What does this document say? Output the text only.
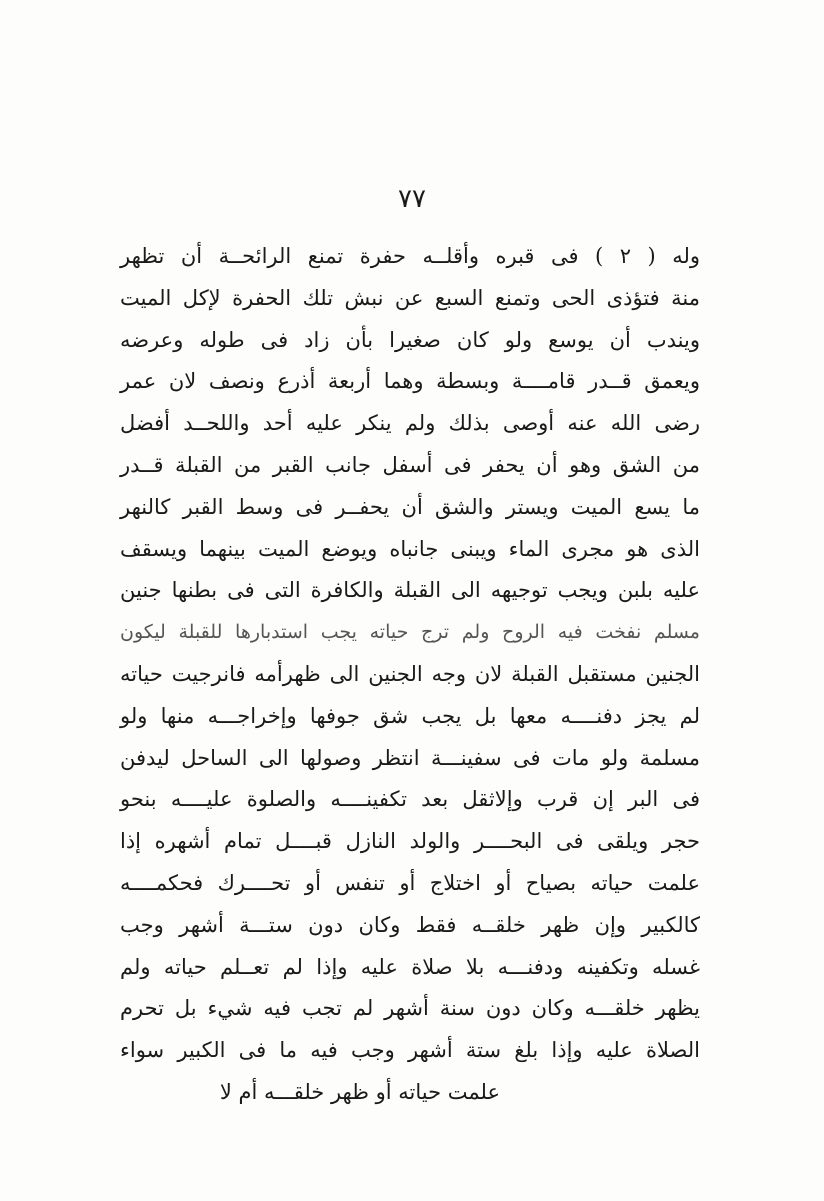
٧٧
وله ( ٢ ) فى قبره وأقلــه حفرة تمنع الرائحــة أن تظهر
منة فتؤذى الحى وتمنع السبع عن نبش تلك الحفرة لإكل الميت
ويندب أن يوسع ولو كان صغيرا بأن زاد فى طوله وعرضه
ويعمق قــدر قامــــة وبسطة وهما أربعة أذرع ونصف لان عمر
رضى الله عنه أوصى بذلك ولم ينكر عليه أحد واللحــد أفضل
من الشق وهو أن يحفر فى أسفل جانب القبر من القبلة قــدر
ما يسع الميت ويستر والشق أن يحفــر فى وسط القبر كالنهر
الذى هو مجرى الماء ويبنى جانباه ويوضع الميت بينهما ويسقف
عليه بلبن ويجب توجيهه الى القبلة والكافرة التى فى بطنها جنين
مسلم نفخت فيه الروح ولم ترج حياته يجب استدبارها للقبلة ليكون
الجنين مستقبل القبلة لان وجه الجنين الى ظهرأمه فانرجيت حياته
لم يجز دفنــــه معها بل يجب شق جوفها وإخراجـــه منها ولو
مسلمة ولو مات فى سفينـــة انتظر وصولها الى الساحل ليدفن
فى البر إن قرب وإلاثقل بعد تكفينــــه والصلوة عليــــه بنحو
حجر ويلقى فى البحــــر والولد النازل قبــــل تمام أشهره إذا
علمت حياته بصياح أو اختلاج أو تنفس أو تحــــرك فحكمــــه
كالكبير وإن ظهر خلقــه فقط وكان دون ستـــة أشهر وجب
غسله وتكفينه ودفنـــه بلا صلاة عليه وإذا لم تعــلم حياته ولم
يظهر خلقـــه وكان دون سنة أشهر لم تجب فيه شيء بل تحرم
الصلاة عليه وإذا بلغ ستة أشهر وجب فيه ما فى الكبير سواء
علمت حياته أو ظهر خلقـــه أم لا
